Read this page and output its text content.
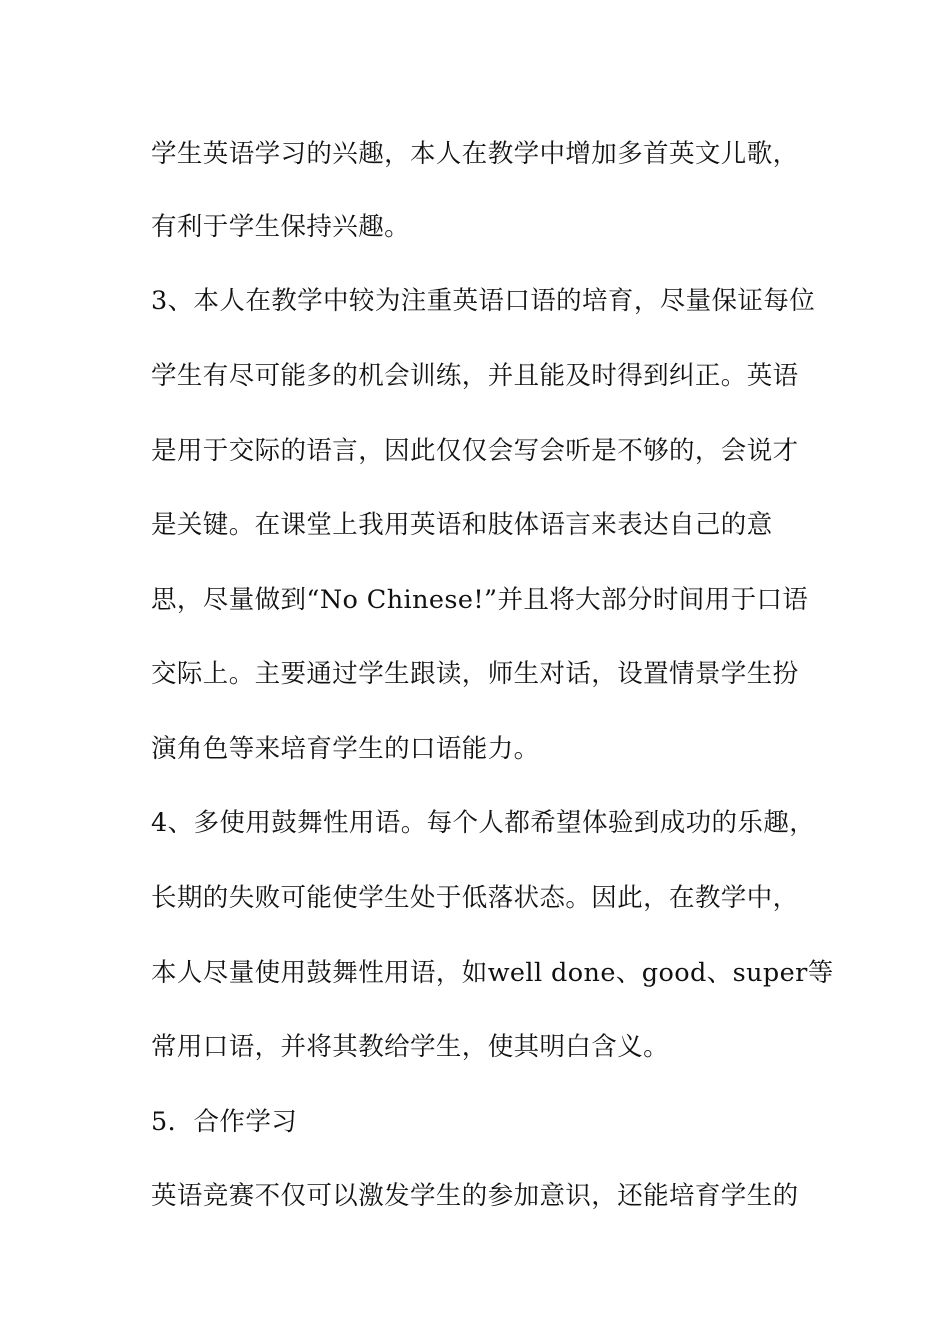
学生英语学习的兴趣，本人在教学中增加多首英文儿歌，
有利于学生保持兴趣。
3、本人在教学中较为注重英语口语的培育，尽量保证每位
学生有尽可能多的机会训练，并且能及时得到纠正。英语
是用于交际的语言，因此仅仅会写会听是不够的，会说才
是关键。在课堂上我用英语和肢体语言来表达自己的意
思，尽量做到“No Chinese!”并且将大部分时间用于口语
交际上。主要通过学生跟读，师生对话，设置情景学生扮
演角色等来培育学生的口语能力。
4、多使用鼓舞性用语。每个人都希望体验到成功的乐趣，
长期的失败可能使学生处于低落状态。因此，在教学中，
本人尽量使用鼓舞性用语，如well done、good、super等
常用口语，并将其教给学生，使其明白含义。
5．合作学习
英语竞赛不仅可以激发学生的参加意识，还能培育学生的
